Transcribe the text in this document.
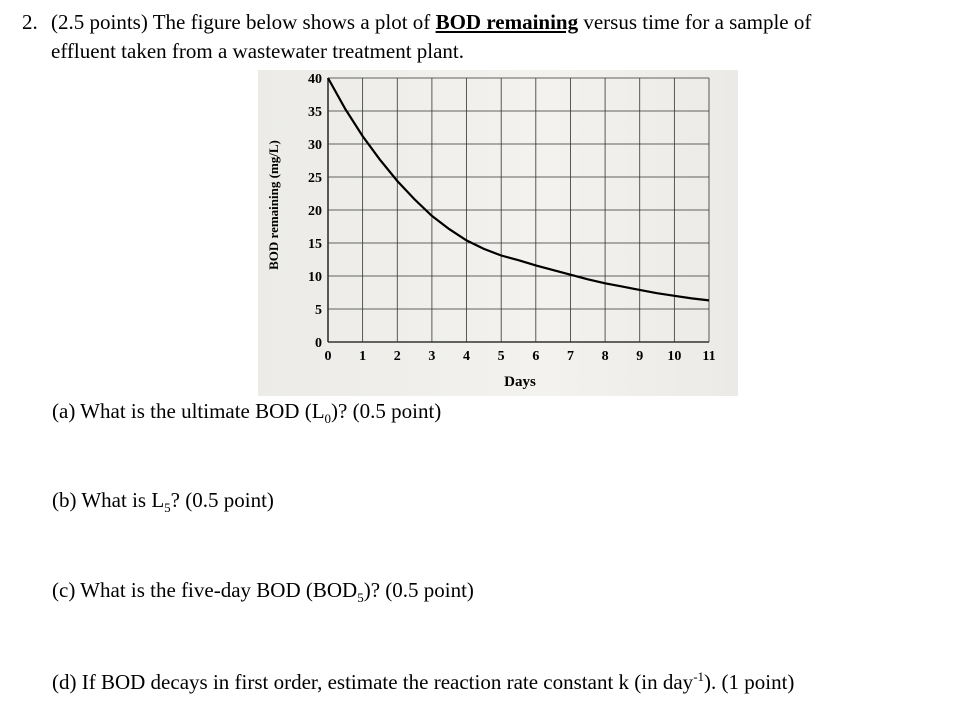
2. (2.5 points) The figure below shows a plot of BOD remaining versus time for a sample of
effluent taken from a wastewater treatment plant.
0
5
10
15
20
25
30
35
40
0 1 2 3 4 5 6 7 8 9 10 11
BOD remaining (mg/L)
Days
(a) What is the ultimate BOD $(L_0)$? (0.5 point)
(b) What is $L_5$? (0.5 point)
(c) What is the five-day BOD $(BOD_5)$? (0.5 point)
(d) If BOD decays in first order, estimate the reaction rate constant k (in day$^{-1}$). (1 point)
